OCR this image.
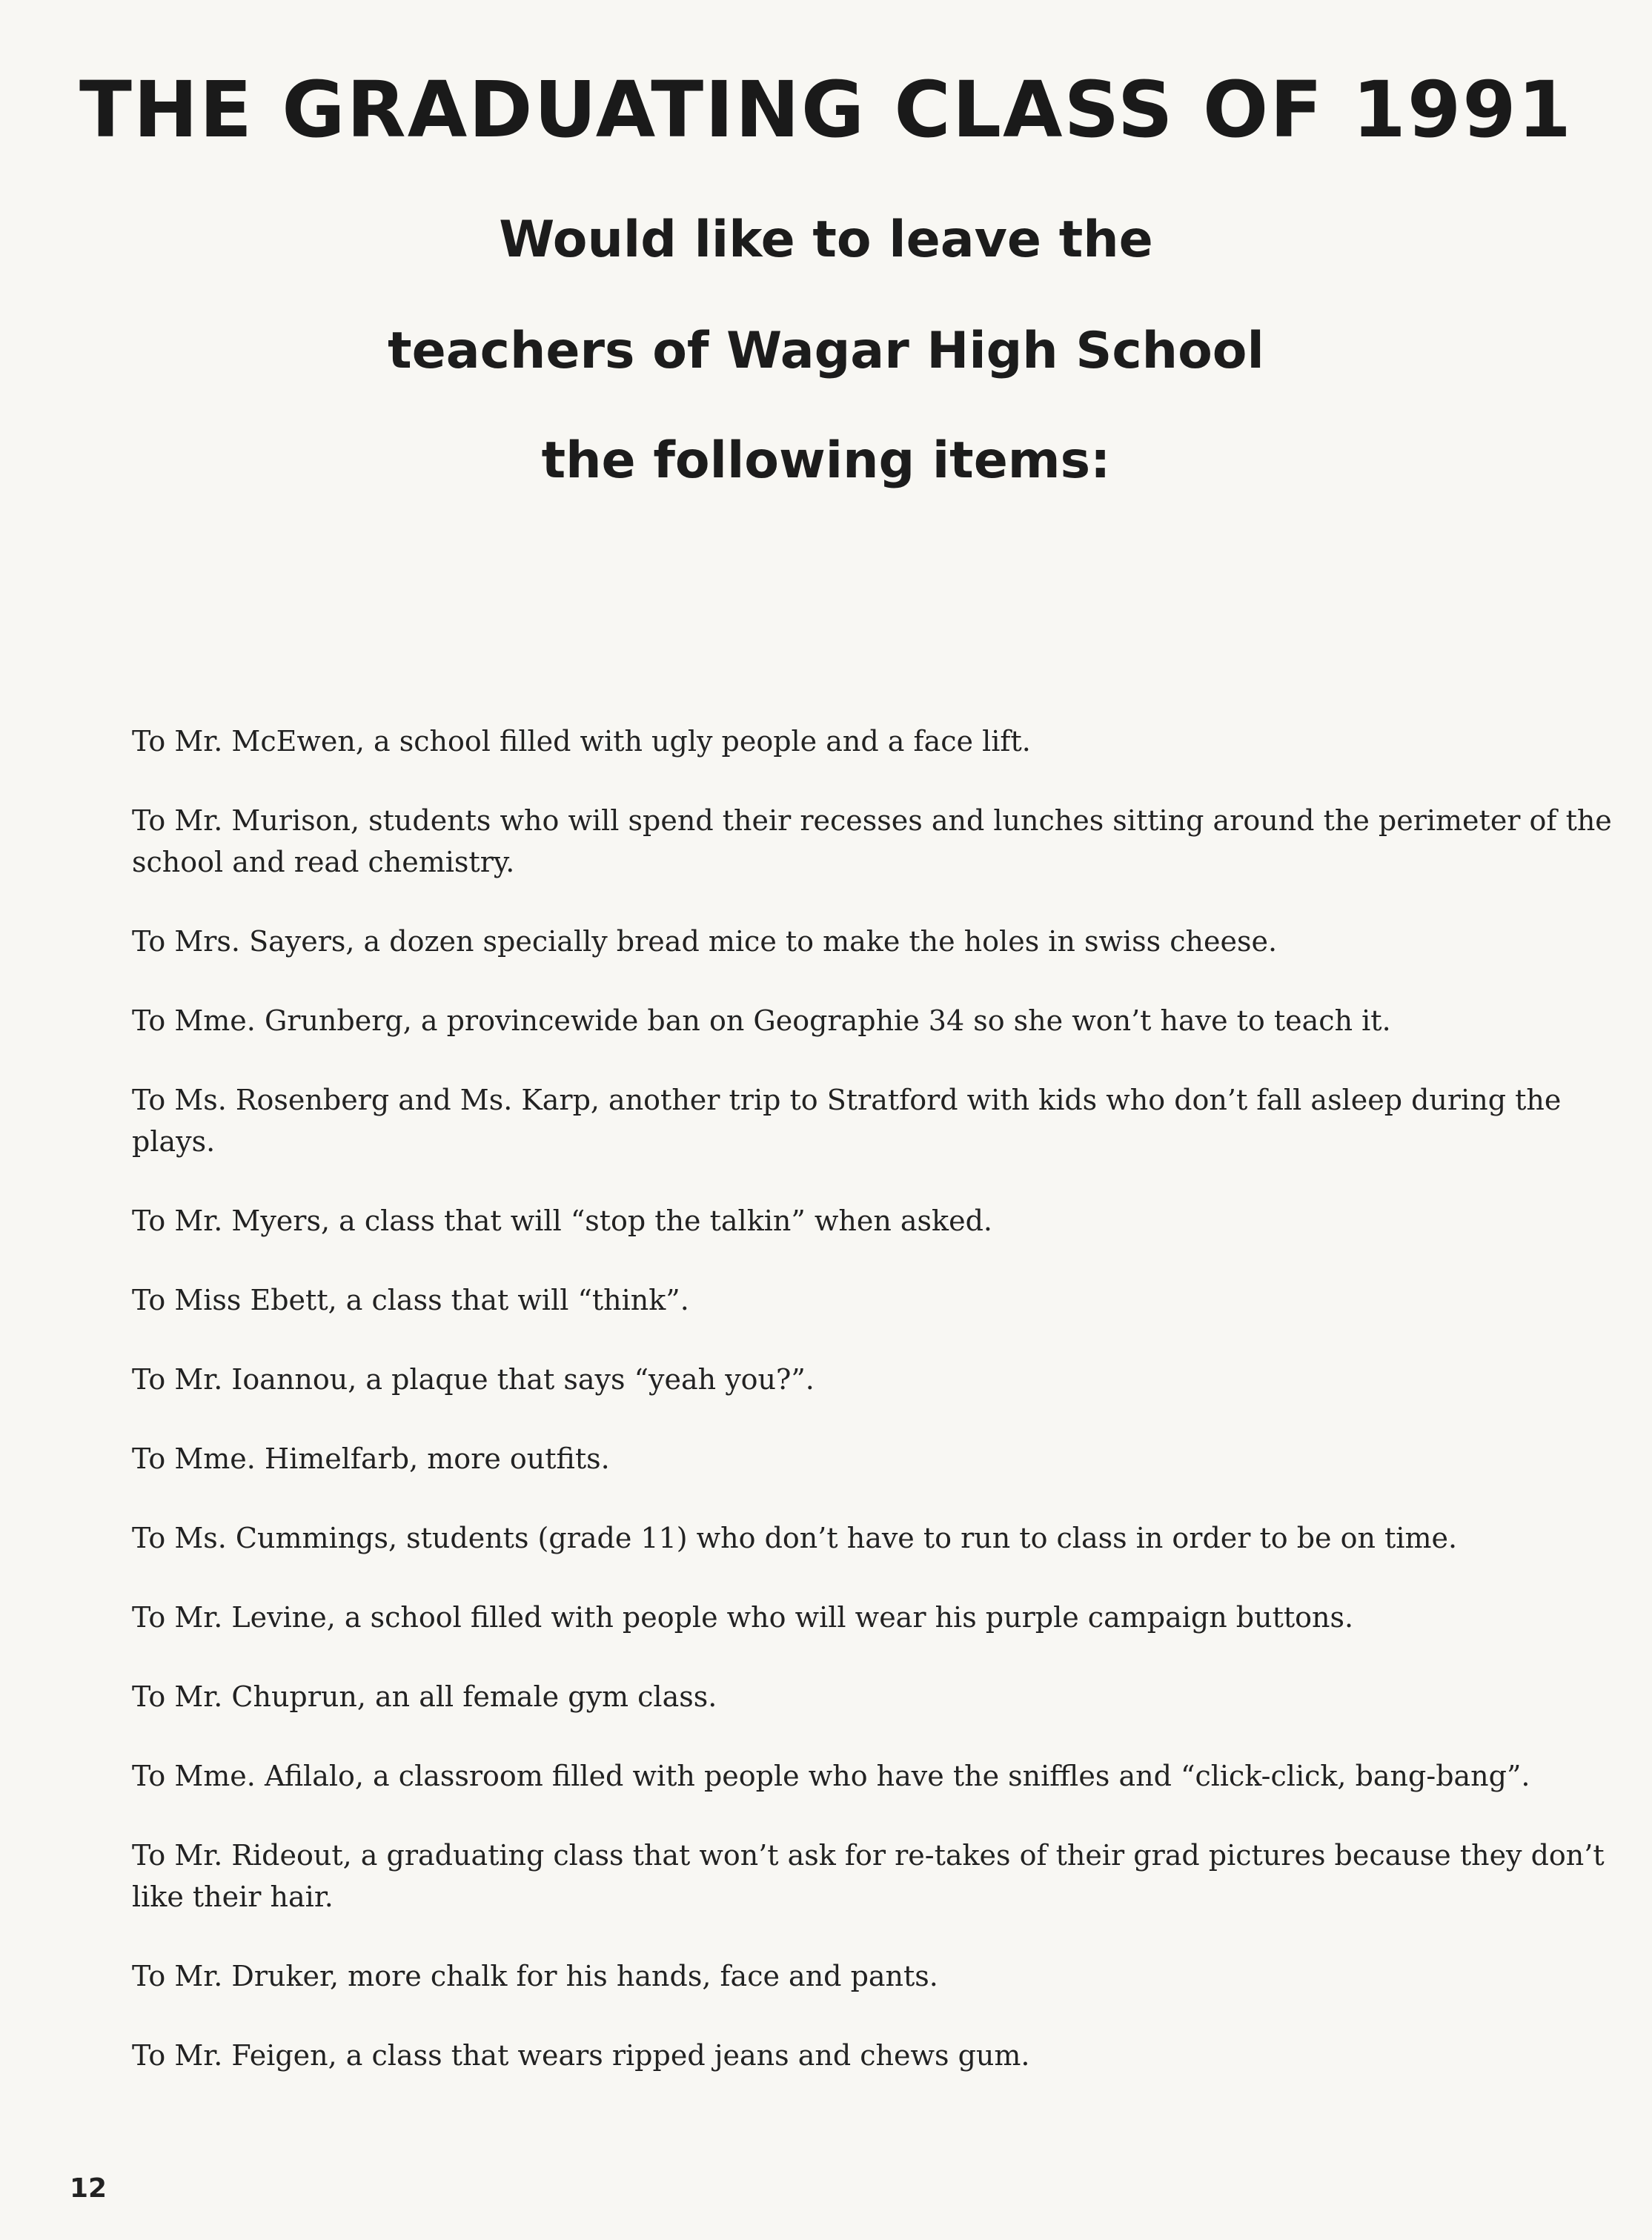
THE GRADUATING CLASS OF 1991
Would like to leave the
teachers of Wagar High School
the following items:
To Mr. McEwen, a school filled with ugly people and a face lift.
To Mr. Murison, students who will spend their recesses and lunches sitting around the perimeter of the school and read chemistry.
To Mrs. Sayers, a dozen specially bread mice to make the holes in swiss cheese.
To Mme. Grunberg, a provincewide ban on Geographie 34 so she won’t have to teach it.
To Ms. Rosenberg and Ms. Karp, another trip to Stratford with kids who don’t fall asleep during the plays.
To Mr. Myers, a class that will “stop the talkin” when asked.
To Miss Ebett, a class that will “think”.
To Mr. Ioannou, a plaque that says “yeah you?”.
To Mme. Himelfarb, more outfits.
To Ms. Cummings, students (grade 11) who don’t have to run to class in order to be on time.
To Mr. Levine, a school filled with people who will wear his purple campaign buttons.
To Mr. Chuprun, an all female gym class.
To Mme. Afilalo, a classroom filled with people who have the sniffles and “click-click, bang-bang”.
To Mr. Rideout, a graduating class that won’t ask for re-takes of their grad pictures because they don’t like their hair.
To Mr. Druker, more chalk for his hands, face and pants.
To Mr. Feigen, a class that wears ripped jeans and chews gum.

12
